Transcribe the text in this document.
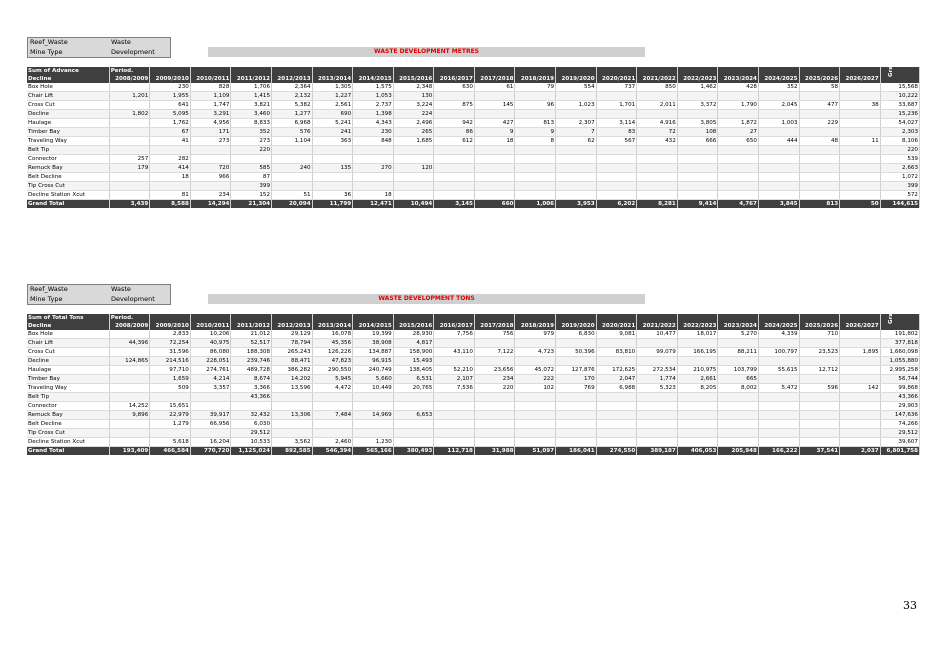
Reef_Waste	Waste
Mine Type	Development	WASTE DEVELOPMENT METRES
Sum of Advance	Period.																			Grand Total

Decline	2008/2009	2009/2010	2010/2011	2011/2012	2012/2013	2013/2014	2014/2015	2015/2016	2016/2017	2017/2018	2018/2019	2019/2020	2020/2021	2021/2022	2022/2023	2023/2024	2024/2025	2025/2026	2026/2027	
Box Hole		230	828	1,706	2,364	1,305	1,575	2,348	630	61	79	554	737	850	1,462	428	352	58		15,568
Chair Lift	1,201	1,955	1,109	1,415	2,132	1,227	1,053	130												10,222
Cross Cut		641	1,747	3,821	5,382	2,561	2,737	3,224	875	145	96	1,023	1,701	2,011	3,372	1,790	2,045	477	38	33,687
Decline	1,802	5,095	3,291	3,460	1,277	690	1,398	224												15,236
Haulage		1,762	4,956	8,833	6,968	5,241	4,343	2,496	942	427	813	2,307	3,114	4,916	3,805	1,872	1,003	229		54,027
Timber Bay		67	171	352	576	241	230	265	86	9	9	7	83	72	108	27				2,303
Traveling Way		41	273	273	1,104	363	848	1,685	612	18	8	62	567	432	666	650	444	48	11	8,106
Belt Tip				220																220
Connector	257	282																		539
Remuck Bay	179	414	720	585	240	135	270	120												2,663
Belt Decline		18	966	87																1,072
Tip Cross Cut				399																399
Decline Station Xcut		81	234	152	51	36	18													572
Grand Total	3,439	8,588	14,294	21,304	20,094	11,799	12,471	10,494	3,145	660	1,006	3,953	6,202	8,281	9,414	4,767	3,845	813	50	144,615
Reef_Waste	Waste
Mine Type	Development	WASTE DEVELOPMENT TONS
Sum of Total Tons	Period.																			Grand Total

Decline	2008/2009	2009/2010	2010/2011	2011/2012	2012/2013	2013/2014	2014/2015	2015/2016	2016/2017	2017/2018	2018/2019	2019/2020	2020/2021	2021/2022	2022/2023	2023/2024	2024/2025	2025/2026	2026/2027	
Box Hole		2,833	10,206	21,012	29,129	16,078	19,399	28,930	7,756	756	979	6,830	9,081	10,477	18,017	5,270	4,339	710		191,802
Chair Lift	44,396	72,254	40,975	52,517	78,794	45,356	38,908	4,817												377,818
Cross Cut		31,596	86,080	188,308	265,243	126,226	134,887	158,900	43,110	7,122	4,723	50,396	83,810	99,079	166,195	88,211	100,797	23,523	1,895	1,660,098
Decline	124,865	214,516	228,051	239,746	88,471	47,823	96,915	15,493												1,055,880
Haulage		97,710	274,761	489,728	386,282	290,550	240,749	138,405	52,210	23,656	45,072	127,876	172,625	272,534	210,975	103,799	55,615	12,712		2,995,258
Timber Bay		1,659	4,214	8,674	14,202	5,945	5,660	6,531	2,107	234	222	170	2,047	1,774	2,661	665				56,744
Traveling Way		509	3,357	3,366	13,596	4,472	10,449	20,765	7,536	220	102	769	6,988	5,323	8,205	8,002	5,472	596	142	99,868
Belt Tip				43,366																43,366
Connector	14,252	15,651																		29,903
Remuck Bay	9,896	22,979	39,917	32,432	13,306	7,484	14,969	6,653												147,636
Belt Decline		1,279	66,956	6,030																74,266
Tip Cross Cut				29,512																29,512
Decline Station Xcut		5,618	16,204	10,533	3,562	2,460	1,230													39,607
Grand Total	193,409	466,584	770,720	1,125,024	892,585	546,394	565,166	380,493	112,718	31,988	51,097	186,041	274,550	389,187	406,053	205,948	166,222	37,541	2,037	6,801,758
33
